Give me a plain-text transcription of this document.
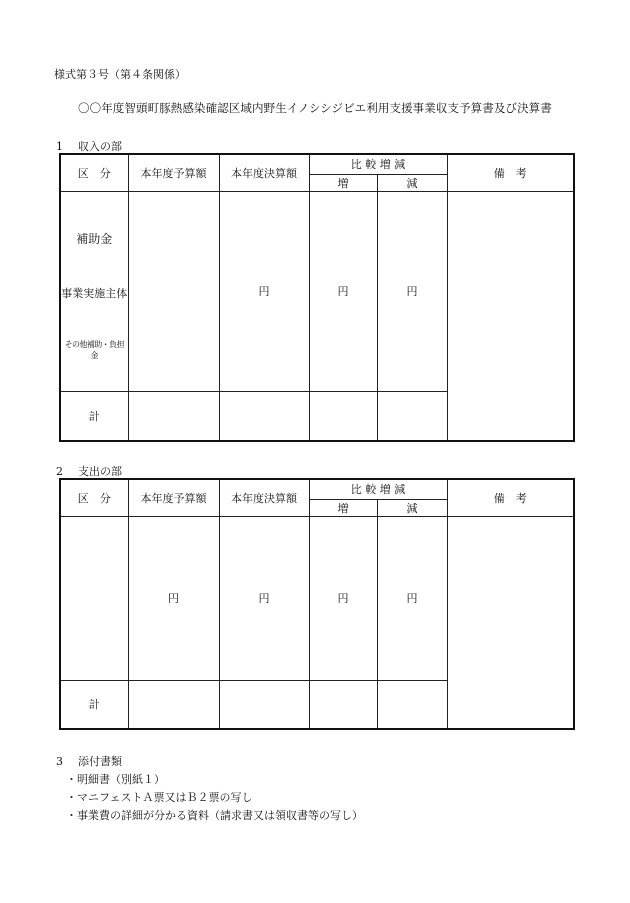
様式第３号（第４条関係）
〇〇年度智頭町豚熱感染確認区域内野生イノシシジビエ利用支援事業収支予算書及び決算書
1 収入の部
区　分	本年度予算額	本年度決算額	比 較 増 減		備　考
			増	減	

補助金
事業実施主体
その他補助・負担金		円	円	円	
計					
2 支出の部
区　分	本年度予算額	本年度決算額	比 較 増 減		備　考
			増	減	
	円	円	円	円	
計					
3 添付書類
・明細書（別紙１）
・マニフェストＡ票又はＢ２票の写し
・事業費の詳細が分かる資料（請求書又は領収書等の写し）
